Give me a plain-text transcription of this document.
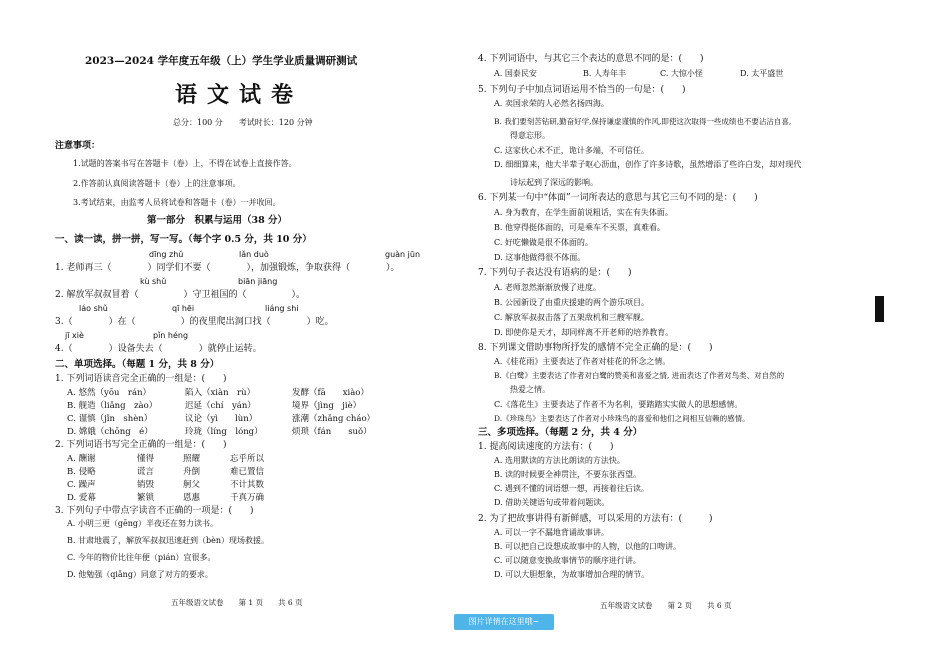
2023—2024 学年度五年级（上）学生学业质量调研测试
语文试卷
总分：100 分　　考试时长：120 分钟
注意事项：
1.试题的答案书写在答题卡（卷）上，不得在试卷上直接作答。
2.作答前认真阅读答题卡（卷）上的注意事项。
3.考试结束，由监考人员将试卷和答题卡（卷）一并收回。
第一部分　积累与运用（38 分）
一、读一读，拼一拼，写一写。（每个字 0.5 分，共 10 分）
dīng zhǔ	lǎn duò	guàn jūn
1. 老师再三（　　　　）同学们不要（　　　　），加强锻炼，争取获得（　　　　）。
kù shǔ	biān jiāng
2. 解放军叔叔冒着（　　　　　）守卫祖国的（　　　　　）。
láo shǔ	qī hēi	liáng shi
3.（　　　　）在（　　　　　）的夜里爬出洞口找（　　　　）吃。
jī xiè	pǐn héng
4.（　　　　）设备失去（　　　　）就停止运转。
二、单项选择。（每题 1 分，共 8 分）
1. 下列词语读音完全正确的一组是：(　　)
A. 悠然（yōu　rán）	陷入（xiàn　rù）	发酵（fā　　xiào）
B. 舰造（liǎng　zào）	迟延（chí　yán）	境界（jìng　jiè）
C. 谨慎（jǐn　shèn）	议论（yì　　lùn）	涨潮（zhǎng cháo）
D. 嫦娥（chōng　é）	玲珑（líng　lóng）	烦琐（fán　　suǒ）
2. 下列词语书写完全正确的一组是：(　　)
A. 酬谢	懂得	照耀	忘乎所以
B. 侵略	谎言	舟倒	难已置信
C. 躁声	销毁	舸父	不计其数
D. 爱幕	繁锁	恩惠	千真万确
3. 下列句子中带点字读音不正确的一项是：(　　)
A. 小明三更（gēng）半夜还在努力读书。
B. 甘肃地震了，解放军叔叔迅速赶到（bèn）现场救援。
C. 今年的物价比往年便（pián）宜很多。
D. 他勉强（qiǎng）同意了对方的要求。
五年级语文试卷　　第 1 页　　共 6 页
4. 下列词语中，与其它三个表达的意思不同的是：(　　)
A. 国泰民安	B. 人寿年丰	C. 大惊小怪	D. 太平盛世
5. 下列句子中加点词语运用不恰当的一句是：(　　)
A. 卖国求荣的人必然名扬四海。
B. 我们要刻苦钻研,勤奋好学,保持谦虚谨慎的作风,即使这次取得一些成绩也不要沾沾自喜,
得意忘形。
C. 这家伙心术不正，诡计多端，不可信任。
D. 细细算来，他大半辈子呕心沥血，创作了许多诗歌，虽然增添了些许白发，却对现代
诗坛起到了深远的影响。
6. 下列某一句中“体面”一词所表达的意思与其它三句不同的是：(　　)
A. 身为教育，在学生面前说粗话，实在有失体面。
B. 他穿得挺体面的，可是乘车不买票，真难看。
C. 好吃懒做是很不体面的。
D. 这事他做得很不体面。
7. 下列句子表达没有语病的是：(　　)
A. 老师忽然渐渐放慢了进度。
B. 公园新设了由重庆援建的两个游乐项目。
C. 解放军叔叔击落了五架敌机和三艘军舰。
D. 即使你是天才，却同样离不开老师的培养教育。
8. 下列课文借助事物所抒发的感情不完全正确的是：(　　)
A.《桂花雨》主要表达了作者对桂花的怀念之情。
B.《白鹭》主要表达了作者对白鹭的赞美和喜爱之情, 进而表达了作者对鸟类、对自然的
热爱之情。
C.《落花生》主要表达了作者不为名利，要踏踏实实做人的思想感情。
D.《珍珠鸟》主要表达了作者对小珍珠鸟的喜爱和他们之间相互信赖的感情。
三、多项选择。（每题 2 分，共 4 分）
1. 提高阅读速度的方法有：(　　)
A. 选用默读的方法比朗读的方法快。
B. 读的时候要全神贯注，不要东张西望。
C. 遇到不懂的词语想一想，再接着往后读。
D. 借助关键语句或带着问题读。
2. 为了把故事讲得有新鲜感，可以采用的方法有：(　　　)
A. 可以一字不漏地背诵故事讲。
B. 可以把自己设想成故事中的人物，以他的口吻讲。
C. 可以随意变换故事情节的顺序进行讲。
D. 可以大胆想象，为故事增加合理的情节。
五年级语文试卷　　第 2 页　　共 6 页
图片详情在这里哦~
